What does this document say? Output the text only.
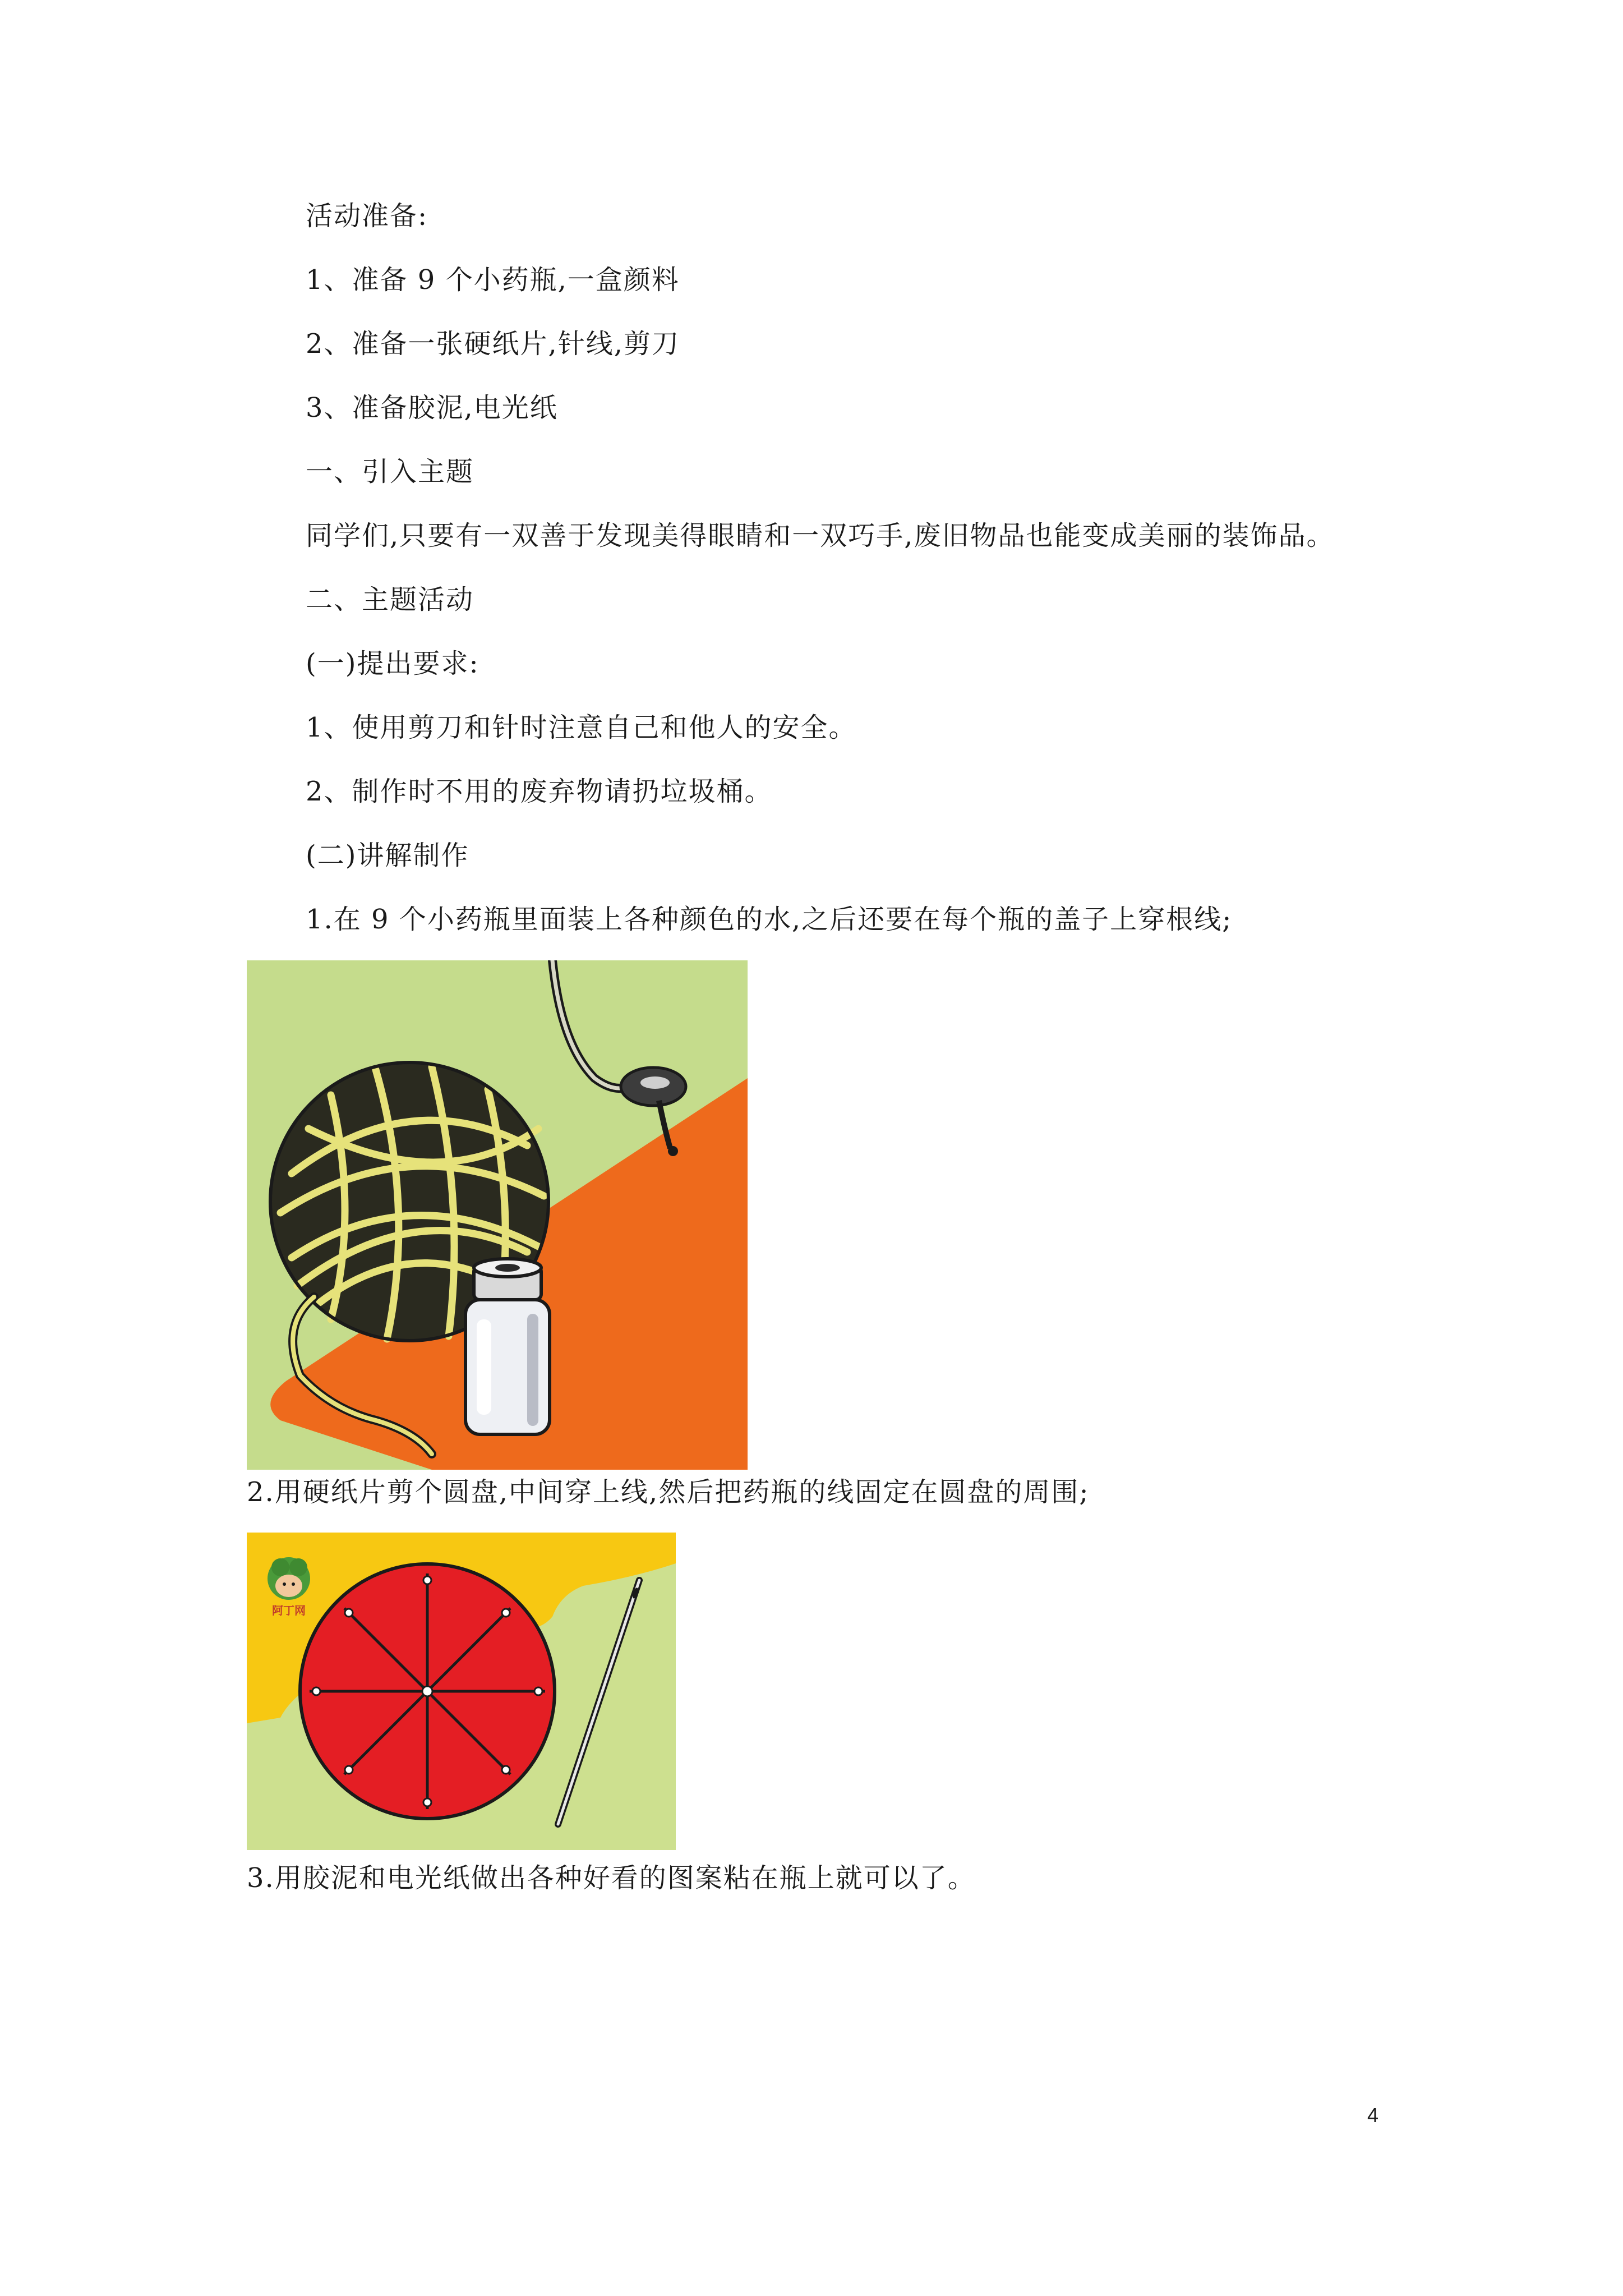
活动准备:
1、准备 9 个小药瓶,一盒颜料
2、准备一张硬纸片,针线,剪刀
3、准备胶泥,电光纸
一、引入主题
同学们,只要有一双善于发现美得眼睛和一双巧手,废旧物品也能变成美丽的装饰品。
二、主题活动
(一)提出要求:
1、使用剪刀和针时注意自己和他人的安全。
2、制作时不用的废弃物请扔垃圾桶。
(二)讲解制作
1.在 9 个小药瓶里面装上各种颜色的水,之后还要在每个瓶的盖子上穿根线;
2.用硬纸片剪个圆盘,中间穿上线,然后把药瓶的线固定在圆盘的周围;
阿丁网
3.用胶泥和电光纸做出各种好看的图案粘在瓶上就可以了。
4
